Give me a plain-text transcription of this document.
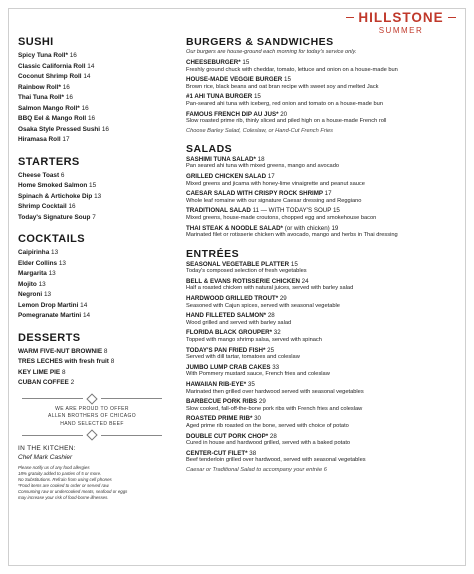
HILLSTONE
SUMMER
SUSHI
Spicy Tuna Roll* 16
Classic California Roll 14
Coconut Shrimp Roll 14
Rainbow Roll* 16
Thai Tuna Roll* 16
Salmon Mango Roll* 16
BBQ Eel & Mango Roll 16
Osaka Style Pressed Sushi 16
Hiramasa Roll 17
STARTERS
Cheese Toast 6
Home Smoked Salmon 15
Spinach & Artichoke Dip 13
Shrimp Cocktail 16
Today's Signature Soup 7
COCKTAILS
Caipirinha 13
Elder Collins 13
Margarita 13
Mojito 13
Negroni 13
Lemon Drop Martini 14
Pomegranate Martini 14
DESSERTS
WARM FIVE-NUT BROWNIE 8
TRES LECHES with fresh fruit 8
KEY LIME PIE 8
CUBAN COFFEE 2
WE ARE PROUD TO OFFER
ALLEN BROTHERS OF CHICAGO
HAND SELECTED BEEF
IN THE KITCHEN:
Chef Mark Cashier
Please notify us of any food allergies
18% gratuity added to parties of 5 or more.
No Substitutions. Refrain from using cell phones
*Food items are cooked to order or served raw.
Consuming raw or undercooked meats, seafood or eggs
may increase your risk of food-borne illnesses.
BURGERS & SANDWICHES
Our burgers are house-ground each morning for today's service only.
CHEESEBURGER* 15
Freshly ground chuck with cheddar, tomato, lettuce and onion on a house-made bun
HOUSE-MADE VEGGIE BURGER 15
Brown rice, black beans and oat bran recipe with sweet soy and melted Jack
#1 AHI TUNA BURGER 15
Pan-seared ahi tuna with iceberg, red onion and tomato on a house-made bun
FAMOUS FRENCH DIP AU JUS* 20
Slow roasted prime rib, thinly sliced and piled high on a house-made French roll
Choose Barley Salad, Coleslaw, or Hand-Cut French Fries
SALADS
SASHIMI TUNA SALAD* 18
Pan seared ahi tuna with mixed greens, mango and avocado
GRILLED CHICKEN SALAD 17
Mixed greens and jicama with honey-lime vinaigrette and peanut sauce
CAESAR SALAD WITH CRISPY ROCK SHRIMP 17
Whole leaf romaine with our signature Caesar dressing and Reggiano
TRADITIONAL SALAD 11 — WITH TODAY'S SOUP 15
Mixed greens, house-made croutons, chopped egg and smokehouse bacon
THAI STEAK & NOODLE SALAD* (or with chicken) 19
Marinated filet or rotisserie chicken with avocado, mango and herbs in Thai dressing
ENTRÉES
SEASONAL VEGETABLE PLATTER 15
Today's composed selection of fresh vegetables
BELL & EVANS ROTISSERIE CHICKEN 24
Half a roasted chicken with natural juices, served with barley salad
HARDWOOD GRILLED TROUT* 29
Seasoned with Cajun spices, served with seasonal vegetable
HAND FILLETED SALMON* 28
Wood grilled and served with barley salad
FLORIDA BLACK GROUPER* 32
Topped with mango shrimp salsa, served with spinach
TODAY'S PAN FRIED FISH* 25
Served with dill tartar, tomatoes and coleslaw
JUMBO LUMP CRAB CAKES 33
With Pommery mustard sauce, French fries and coleslaw
HAWAIIAN RIB-EYE* 35
Marinated then grilled over hardwood served with seasonal vegetables
BARBECUE PORK RIBS 29
Slow cooked, fall-off-the-bone pork ribs with French fries and coleslaw
ROASTED PRIME RIB* 30
Aged prime rib roasted on the bone, served with choice of potato
DOUBLE CUT PORK CHOP* 28
Cured in house and hardwood grilled, served with a baked potato
CENTER-CUT FILET* 38
Beef tenderloin grilled over hardwood, served with seasonal vegetables
Caesar or Traditional Salad to accompany your entrée 6
